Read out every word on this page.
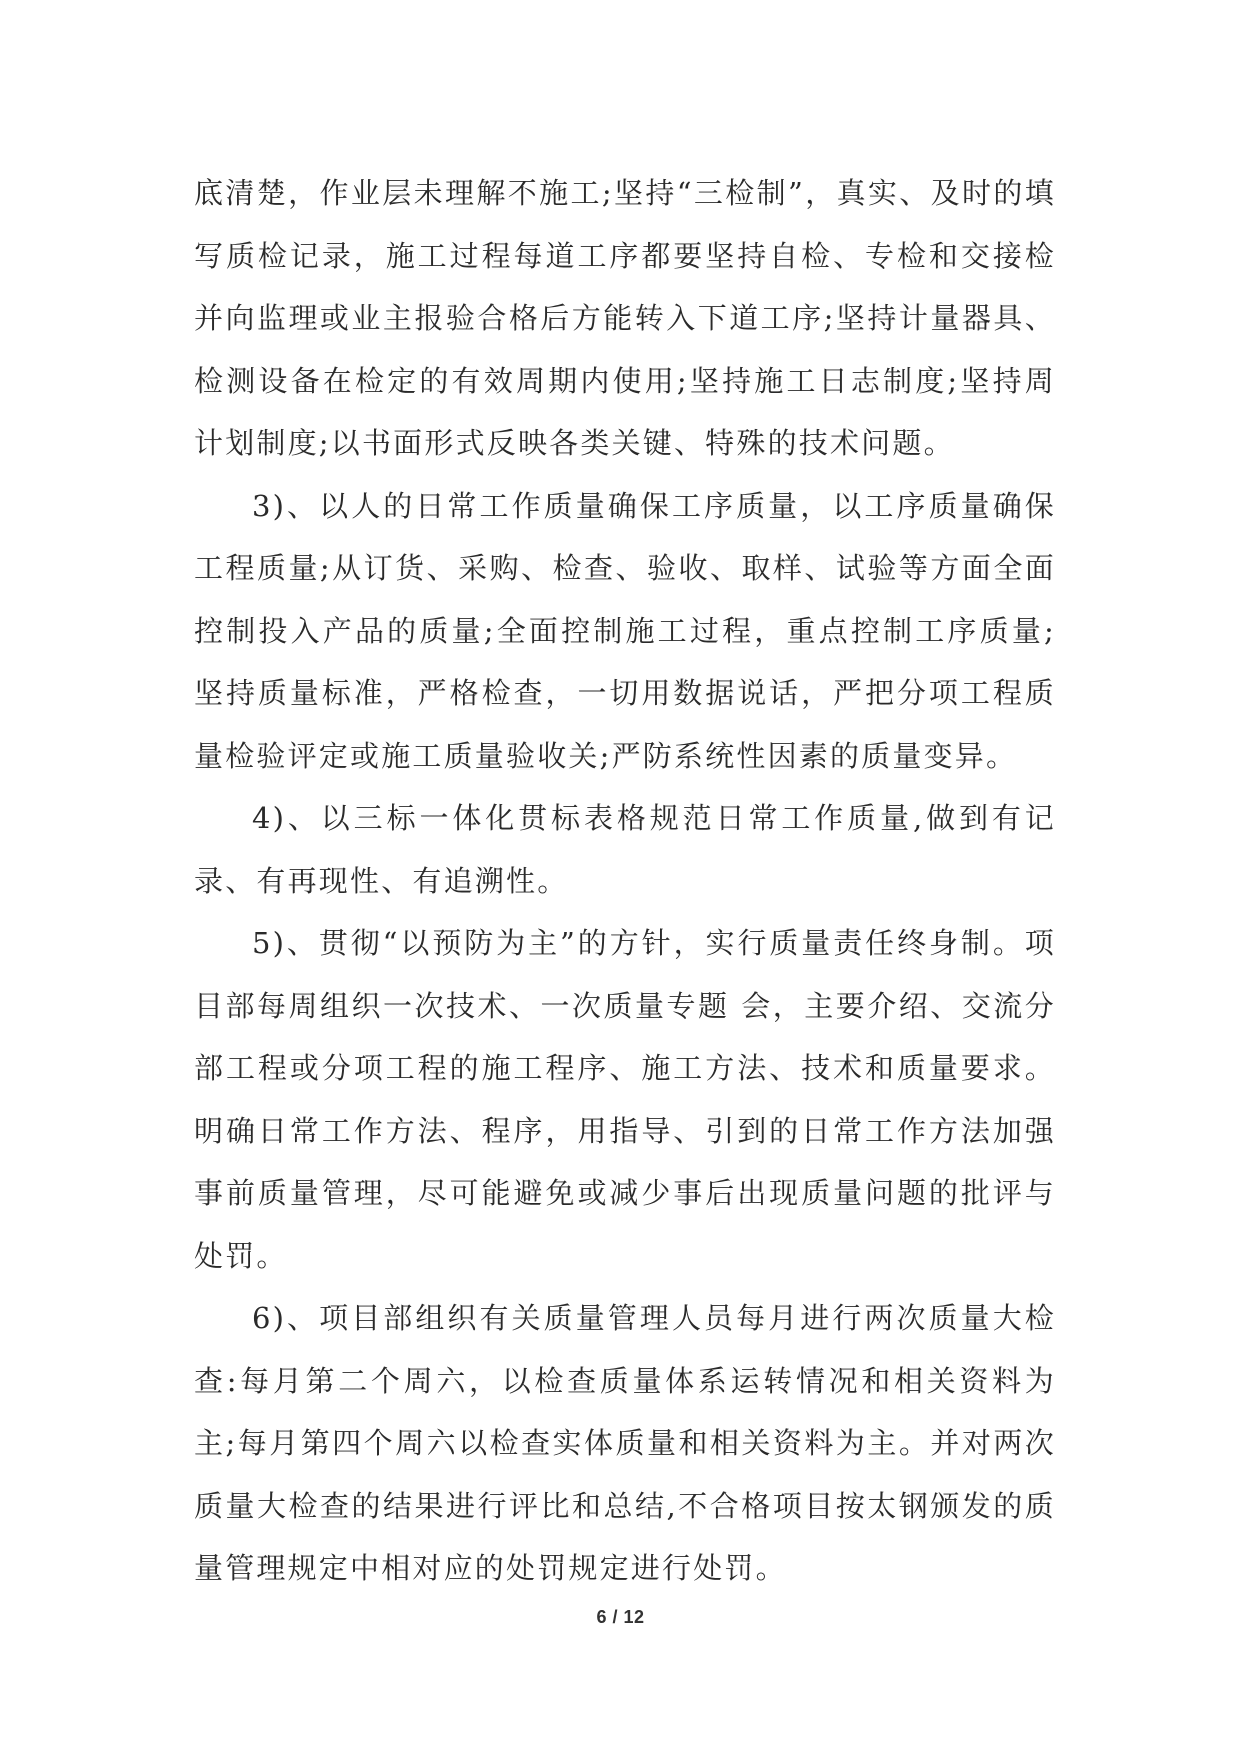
底清楚，作业层未理解不施工;坚持“三检制”，真实、及时的填写质检记录，施工过程每道工序都要坚持自检、专检和交接检并向监理或业主报验合格后方能转入下道工序;坚持计量器具、检测设备在检定的有效周期内使用;坚持施工日志制度;坚持周计划制度;以书面形式反映各类关键、特殊的技术问题。

3)、以人的日常工作质量确保工序质量，以工序质量确保工程质量;从订货、采购、检查、验收、取样、试验等方面全面控制投入产品的质量;全面控制施工过程，重点控制工序质量;坚持质量标准，严格检查，一切用数据说话，严把分项工程质量检验评定或施工质量验收关;严防系统性因素的质量变异。

4)、以三标一体化贯标表格规范日常工作质量,做到有记录、有再现性、有追溯性。

5)、贯彻“以预防为主”的方针，实行质量责任终身制。项目部每周组织一次技术、一次质量专题 会，主要介绍、交流分部工程或分项工程的施工程序、施工方法、技术和质量要求。明确日常工作方法、程序，用指导、引到的日常工作方法加强事前质量管理，尽可能避免或减少事后出现质量问题的批评与处罚。

6)、项目部组织有关质量管理人员每月进行两次质量大检查:每月第二个周六，以检查质量体系运转情况和相关资料为主;每月第四个周六以检查实体质量和相关资料为主。并对两次质量大检查的结果进行评比和总结,不合格项目按太钢颁发的质量管理规定中相对应的处罚规定进行处罚。

6 / 12
